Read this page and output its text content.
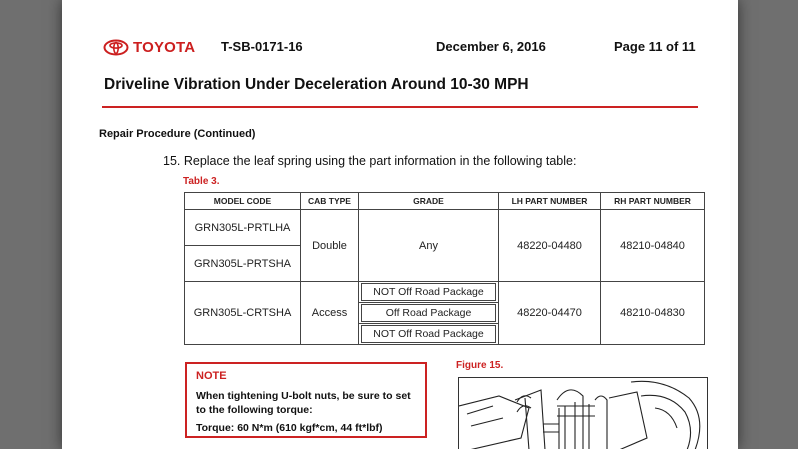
TOYOTA T-SB-0171-16	December 6, 2016	Page 11 of 11
Driveline Vibration Under Deceleration Around 10-30 MPH
Repair Procedure (Continued)
15. Replace the leaf spring using the part information in the following table:
Table 3.
MODEL CODE	CAB TYPE	GRADE	LH PART NUMBER	RH PART NUMBER
GRN305L-PRTLHA	Double	Any	48220-04480	48210-04840
GRN305L-PRTSHA				
GRN305L-CRTSHA	Access	NOT Off Road Package	48220-04470	48210-04830

		Off Road Package		

		NOT Off Road Package		
NOTE
When tightening U-bolt nuts, be sure to set to the following torque:
Torque: 60 N*m (610 kgf*cm, 44 ft*lbf)
Figure 15.
